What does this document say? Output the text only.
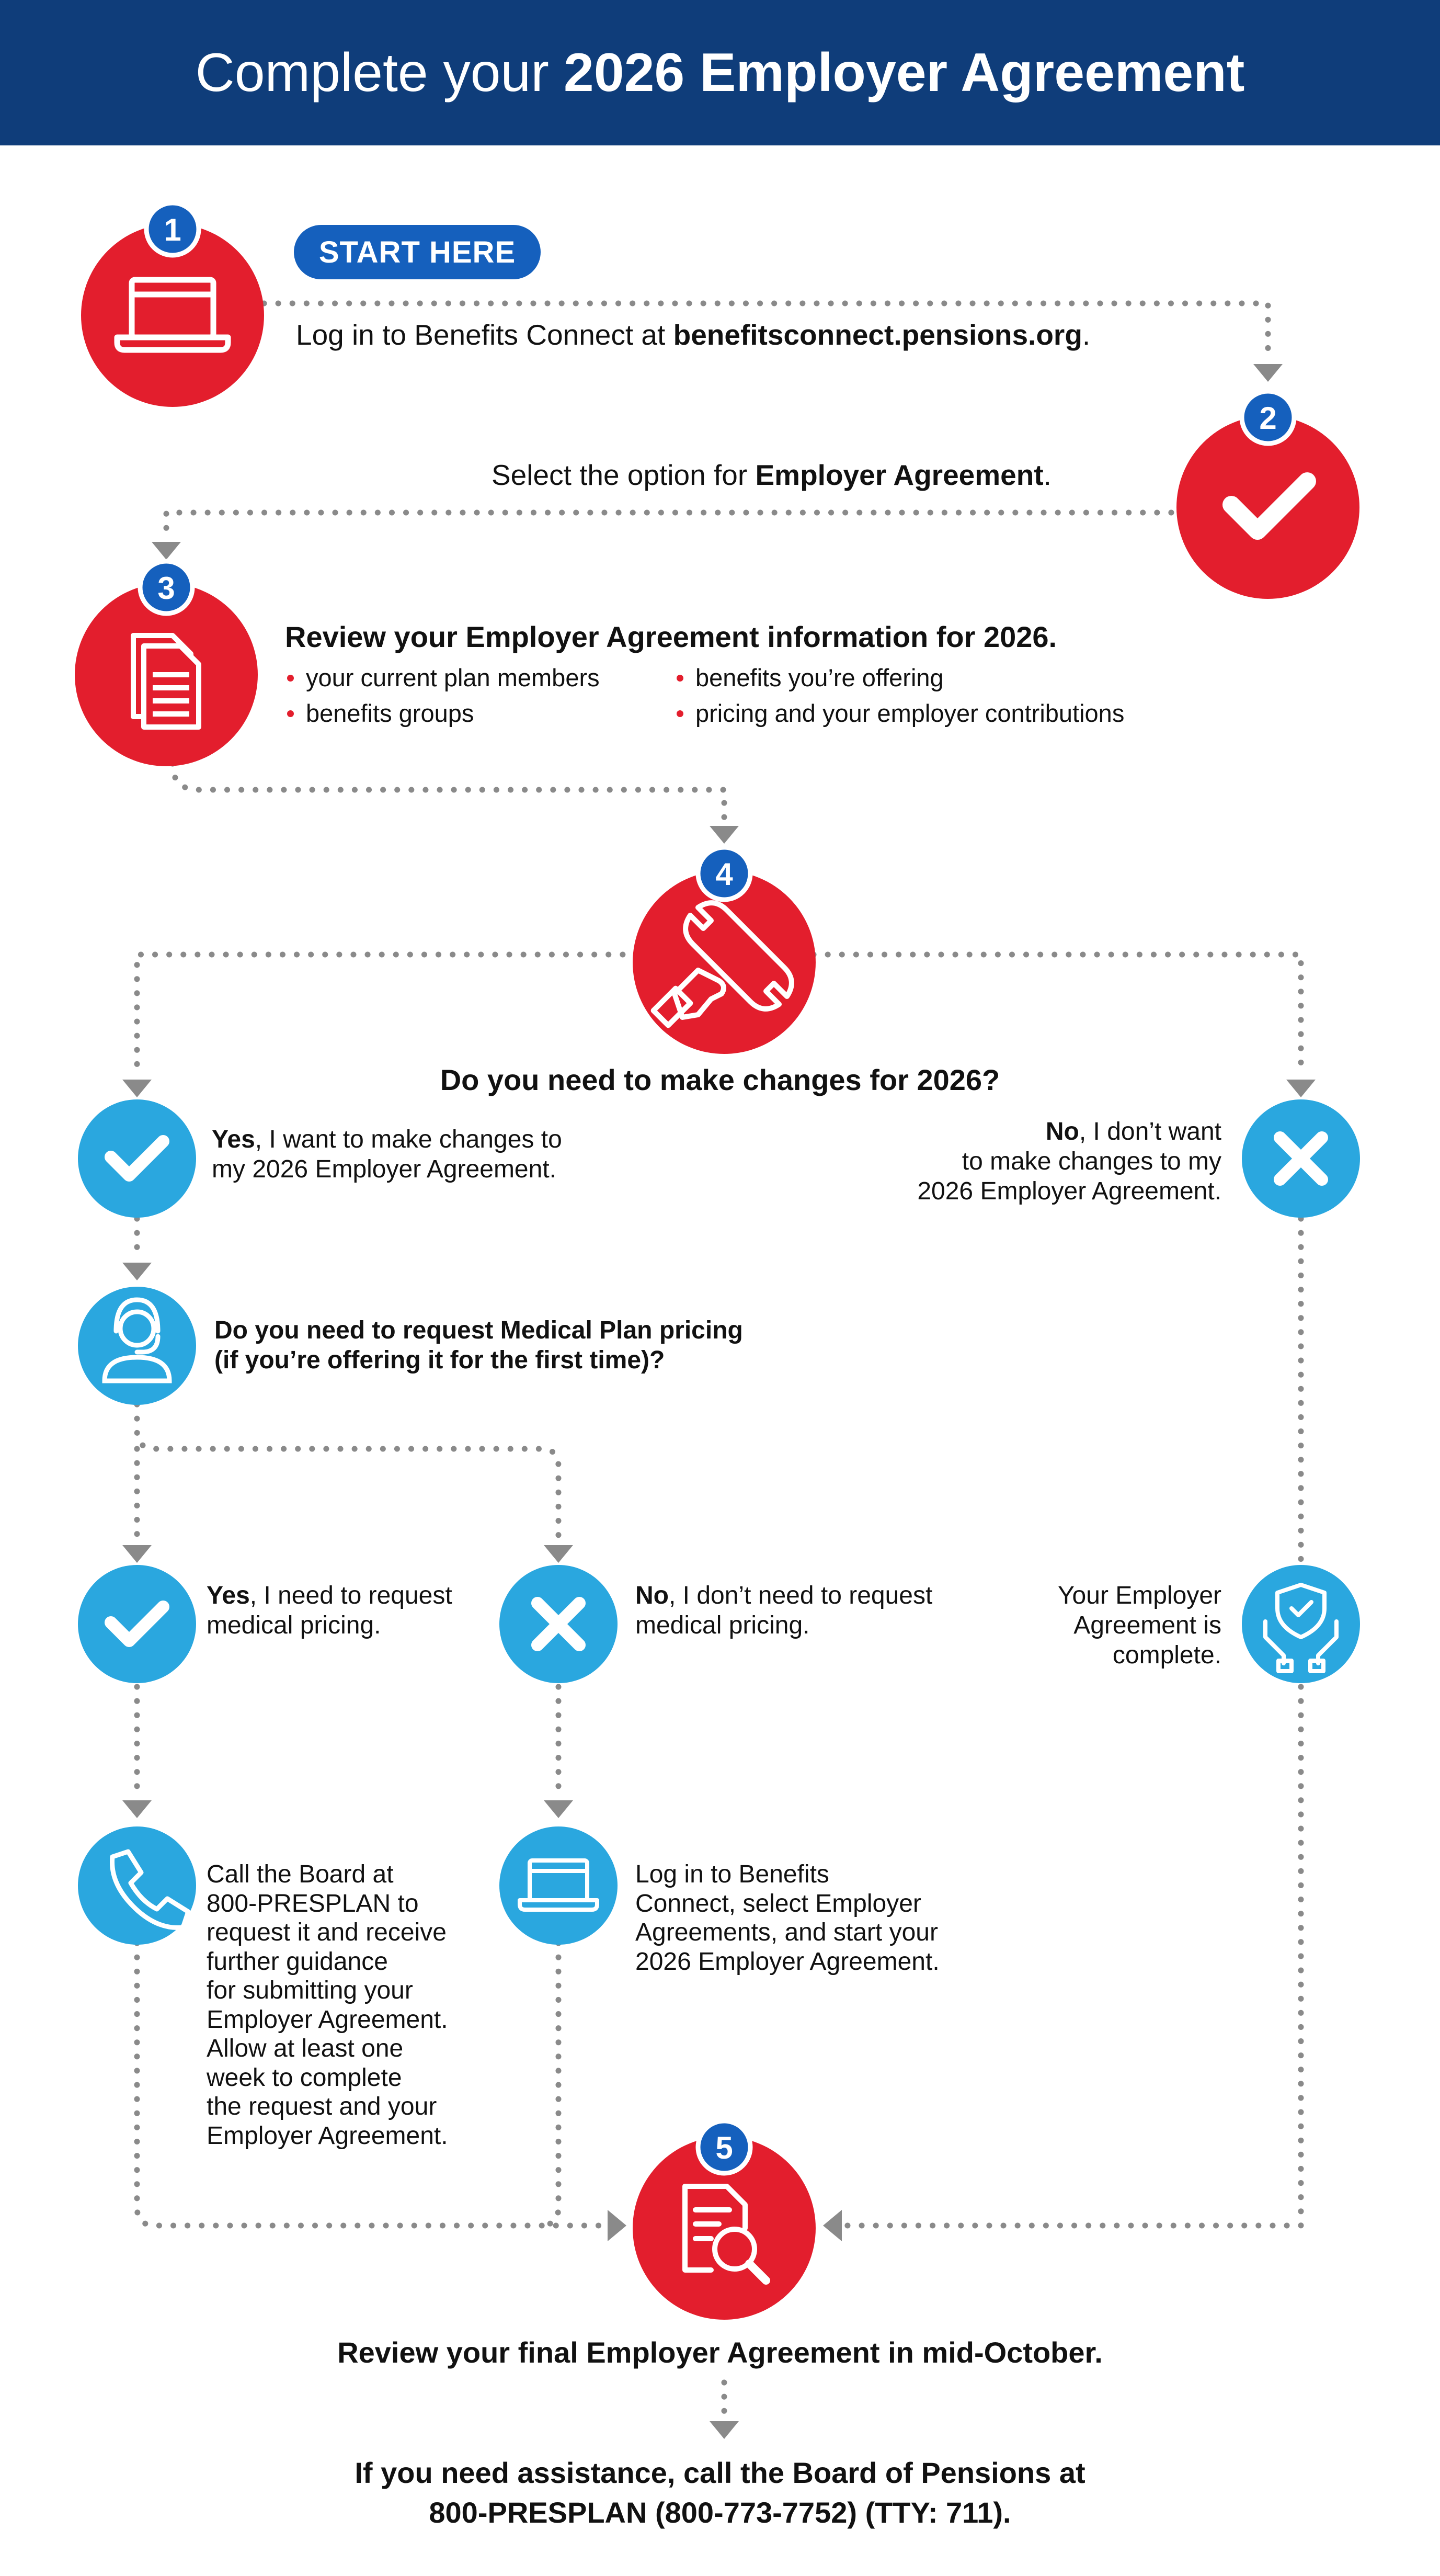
Complete your 2026 Employer Agreement
1
2
3
4
5
START HERE
Log in to Benefits Connect at benefitsconnect.pensions.org.
Select the option for Employer Agreement.
Review your Employer Agreement information for 2026.
your current plan members
benefits groups
benefits you’re offering
pricing and your employer contributions
Do you need to make changes for 2026?
Yes, I want to make changes to
my 2026 Employer Agreement.
No, I don’t want
to make changes to my
2026 Employer Agreement.
Do you need to request Medical Plan pricing
(if you’re offering it for the first time)?
Yes, I need to request
medical pricing.
No, I don’t need to request
medical pricing.
Your Employer
Agreement is
complete.
Call the Board at
800-PRESPLAN to
request it and receive
further guidance
for submitting your
Employer Agreement.
Allow at least one
week to complete
the request and your
Employer Agreement.
Log in to Benefits
Connect, select Employer
Agreements, and start your
2026 Employer Agreement.
Review your final Employer Agreement in mid-October.
If you need assistance, call the Board of Pensions at
800-PRESPLAN (800-773-7752) (TTY: 711).
